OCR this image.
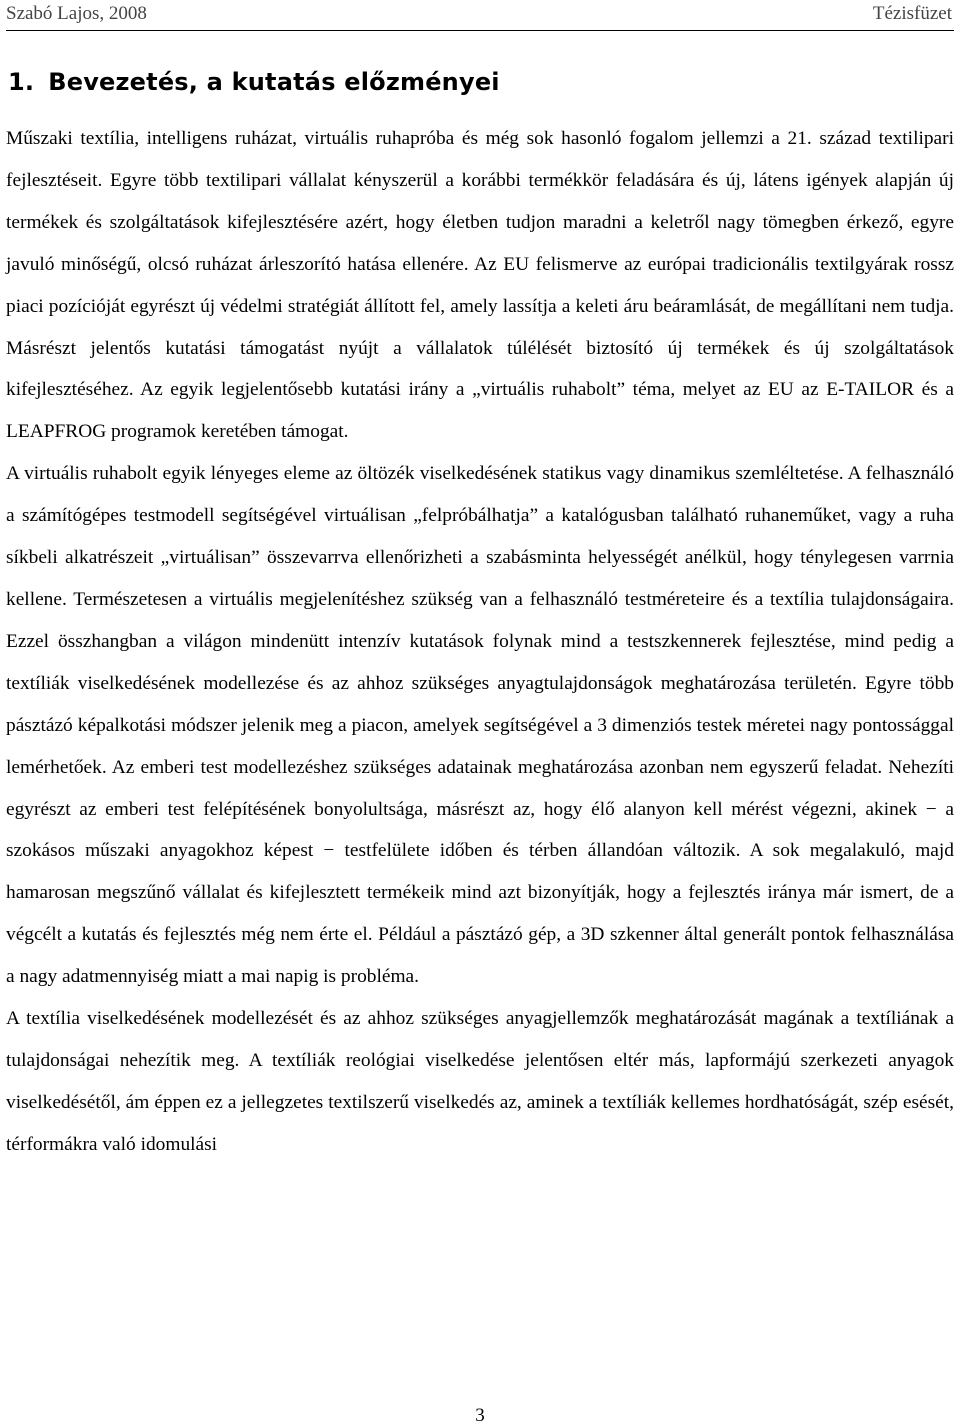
Szabó Lajos, 2008	Tézisfüzet
1. Bevezetés, a kutatás előzményei

Műszaki textília, intelligens ruházat, virtuális ruhapróba és még sok hasonló fogalom jellemzi a 21. század textilipari fejlesztéseit. Egyre több textilipari vállalat kényszerül a korábbi termékkör feladására és új, látens igények alapján új termékek és szolgáltatások kifejlesztésére azért, hogy életben tudjon maradni a keletről nagy tömegben érkező, egyre javuló minőségű, olcsó ruházat árleszorító hatása ellenére. Az EU felismerve az európai tradicionális textilgyárak rossz piaci pozícióját egyrészt új védelmi stratégiát állított fel, amely lassítja a keleti áru beáramlását, de megállítani nem tudja. Másrészt jelentős kutatási támogatást nyújt a vállalatok túlélését biztosító új termékek és új szolgáltatások kifejlesztéséhez. Az egyik legjelentősebb kutatási irány a „virtuális ruhabolt” téma, melyet az EU az E-TAILOR és a LEAPFROG programok keretében támogat.

A virtuális ruhabolt egyik lényeges eleme az öltözék viselkedésének statikus vagy dinamikus szemléltetése. A felhasználó a számítógépes testmodell segítségével virtuálisan „felpróbálhatja” a katalógusban található ruhaneműket, vagy a ruha síkbeli alkatrészeit „virtuálisan” összevarrva ellenőrizheti a szabásminta helyességét anélkül, hogy ténylegesen varrnia kellene. Természetesen a virtuális megjelenítéshez szükség van a felhasználó testméreteire és a textília tulajdonságaira. Ezzel összhangban a világon mindenütt intenzív kutatások folynak mind a testszkennerek fejlesztése, mind pedig a textíliák viselkedésének modellezése és az ahhoz szükséges anyagtulajdonságok meghatározása területén. Egyre több pásztázó képalkotási módszer jelenik meg a piacon, amelyek segítségével a 3 dimenziós testek méretei nagy pontossággal lemérhetőek. Az emberi test modellezéshez szükséges adatainak meghatározása azonban nem egyszerű feladat. Nehezíti egyrészt az emberi test felépítésének bonyolultsága, másrészt az, hogy élő alanyon kell mérést végezni, akinek − a szokásos műszaki anyagokhoz képest − testfelülete időben és térben állandóan változik. A sok megalakuló, majd hamarosan megszűnő vállalat és kifejlesztett termékeik mind azt bizonyítják, hogy a fejlesztés iránya már ismert, de a végcélt a kutatás és fejlesztés még nem érte el. Például a pásztázó gép, a 3D szkenner által generált pontok felhasználása a nagy adatmennyiség miatt a mai napig is probléma.

A textília viselkedésének modellezését és az ahhoz szükséges anyagjellemzők meghatározását magának a textíliának a tulajdonságai nehezítik meg. A textíliák reológiai viselkedése jelentősen eltér más, lapformájú szerkezeti anyagok viselkedésétől, ám éppen ez a jellegzetes textilszerű viselkedés az, aminek a textíliák kellemes hordhatóságát, szép esését, térformákra való idomulási

3
